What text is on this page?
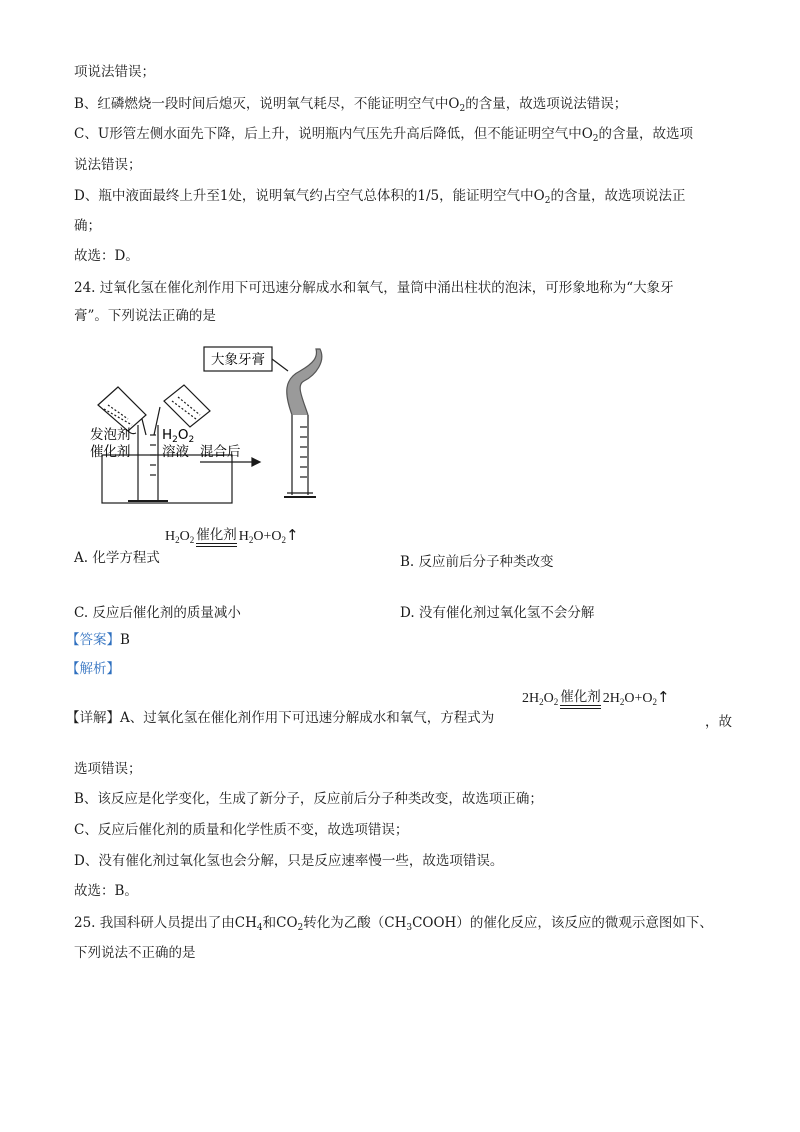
项说法错误；
B、红磷燃烧一段时间后熄灭，说明氧气耗尽，不能证明空气中$O_2$的含量，故选项说法错误；
C、U形管左侧水面先下降，后上升，说明瓶内气压先升高后降低，但不能证明空气中$O_2$的含量，故选项
说法错误；
D、瓶中液面最终上升至1处，说明氧气约占空气总体积的1/5，能证明空气中$O_2$的含量，故选项说法正
确；
故选：D。
24. 过氧化氢在催化剂作用下可迅速分解成水和氧气，量筒中涌出柱状的泡沫，可形象地称为“大象牙
膏”。下列说法正确的是
大象牙膏
发泡剂
催化剂
$H_2O_2$
溶液 混合后
A. 化学方程式
$H_2O_2$ 催化剂 $H_2O+O_2↑$
B. 反应前后分子种类改变
C. 反应后催化剂的质量减小	D. 没有催化剂过氧化氢不会分解
【答案】B
【解析】
【详解】A、过氧化氢在催化剂作用下可迅速分解成水和氧气，方程式为
$2H_2O_2$ 催化剂 $2H_2O+O_2↑$
，故
选项错误；
B、该反应是化学变化，生成了新分子，反应前后分子种类改变，故选项正确；
C、反应后催化剂的质量和化学性质不变，故选项错误；
D、没有催化剂过氧化氢也会分解，只是反应速率慢一些，故选项错误。
故选：B。
25. 我国科研人员提出了由$CH_4$和$CO_2$转化为乙酸$(CH_3COOH)$的催化反应，该反应的微观示意图如下、
下列说法不正确的是
